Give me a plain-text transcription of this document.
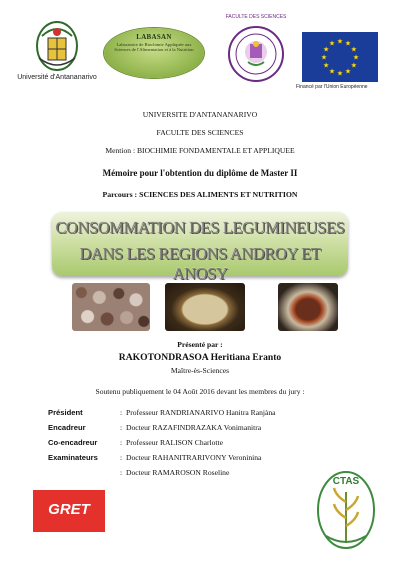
Université d'Antananarivo
LABASAN
Laboratoire de Biochimie Appliquée aux Sciences de l'Alimentation et à la Nutrition
FACULTE DES SCIENCES
★ ★
★
★
★
★
★
★
★
★
★
★
Financé par l'Union Européenne
UNIVERSITE D'ANTANANARIVO
FACULTE DES SCIENCES
Mention : BIOCHIMIE FONDAMENTALE ET APPLIQUEE
Mémoire pour l'obtention du diplôme de Master II
Parcours : SCIENCES DES ALIMENTS ET NUTRITION
CONSOMMATION DES LEGUMINEUSES
DANS LES REGIONS ANDROY ET ANOSY
Présenté par :
RAKOTONDRASOA Heritiana Eranto
Maître-ès-Sciences
Soutenu publiquement le 04 Août 2016 devant les membres du jury :
Président	: Professeur RANDRIANARIVO Hanitra Ranjàna
Encadreur	: Docteur RAZAFINDRAZAKA Vonimanitra
Co-encadreur	: Professeur RALISON Charlotte
Examinateurs	: Docteur RAHANITRARIVONY Veroninina
: Docteur RAMAROSON Roseline
GRET
CTAS
